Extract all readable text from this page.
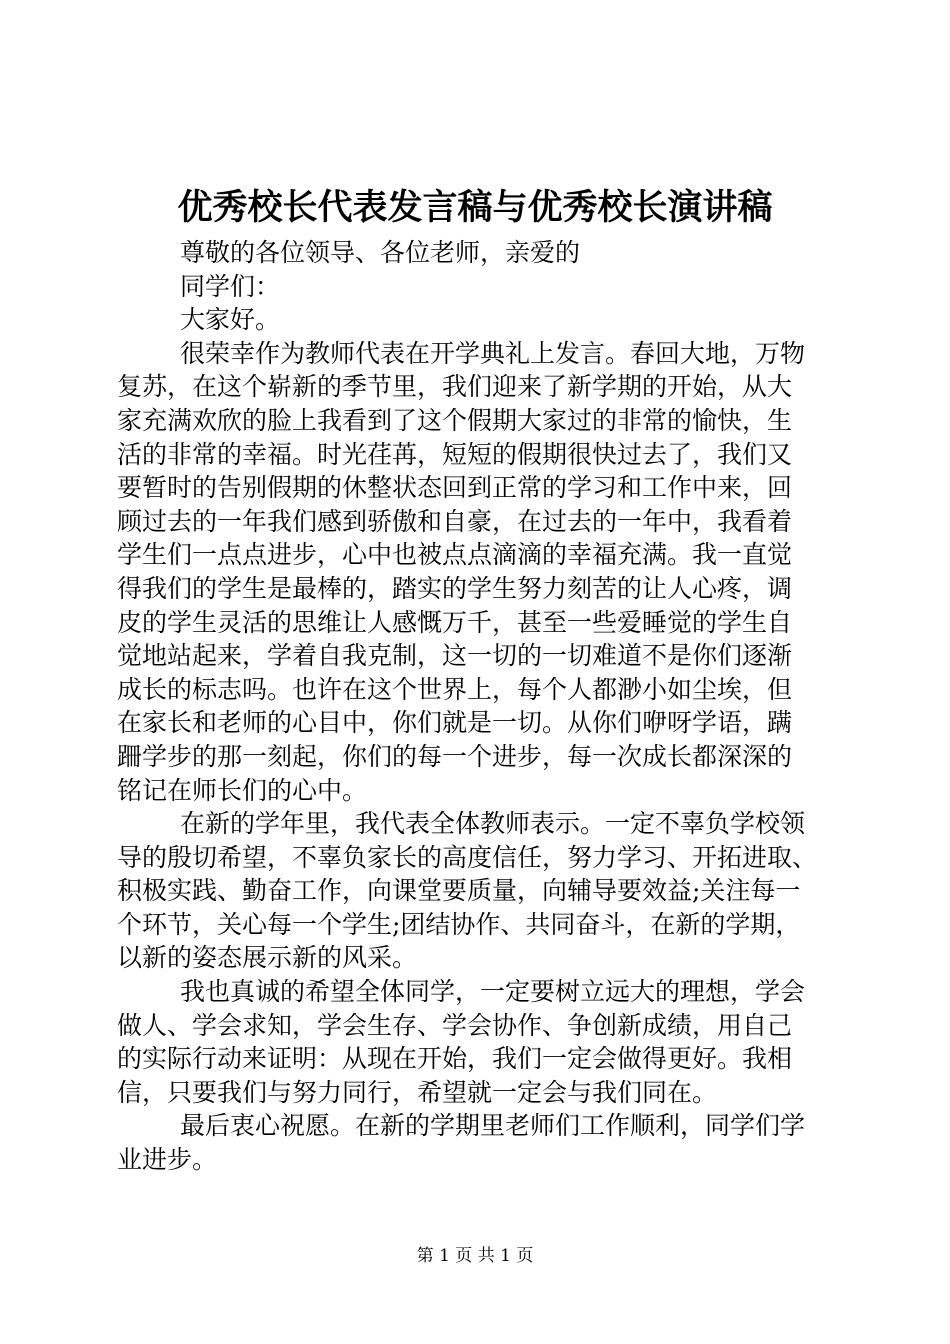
优秀校长代表发言稿与优秀校长演讲稿
尊敬的各位领导、各位老师，亲爱的
同学们：
大家好。
很荣幸作为教师代表在开学典礼上发言。春回大地，万物
复苏，在这个崭新的季节里，我们迎来了新学期的开始，从大
家充满欢欣的脸上我看到了这个假期大家过的非常的愉快，生
活的非常的幸福。时光荏苒，短短的假期很快过去了，我们又
要暂时的告别假期的休整状态回到正常的学习和工作中来，回
顾过去的一年我们感到骄傲和自豪，在过去的一年中，我看着
学生们一点点进步，心中也被点点滴滴的幸福充满。我一直觉
得我们的学生是最棒的，踏实的学生努力刻苦的让人心疼，调
皮的学生灵活的思维让人感慨万千，甚至一些爱睡觉的学生自
觉地站起来，学着自我克制，这一切的一切难道不是你们逐渐
成长的标志吗。也许在这个世界上，每个人都渺小如尘埃，但
在家长和老师的心目中，你们就是一切。从你们咿呀学语，蹒
跚学步的那一刻起，你们的每一个进步，每一次成长都深深的
铭记在师长们的心中。
在新的学年里，我代表全体教师表示。一定不辜负学校领
导的殷切希望，不辜负家长的高度信任，努力学习、开拓进取、
积极实践、勤奋工作，向课堂要质量，向辅导要效益;关注每一
个环节，关心每一个学生;团结协作、共同奋斗，在新的学期，
以新的姿态展示新的风采。
我也真诚的希望全体同学，一定要树立远大的理想，学会
做人、学会求知，学会生存、学会协作、争创新成绩，用自己
的实际行动来证明：从现在开始，我们一定会做得更好。我相
信，只要我们与努力同行，希望就一定会与我们同在。
最后衷心祝愿。在新的学期里老师们工作顺利，同学们学
业进步。
第 1 页 共 1 页
